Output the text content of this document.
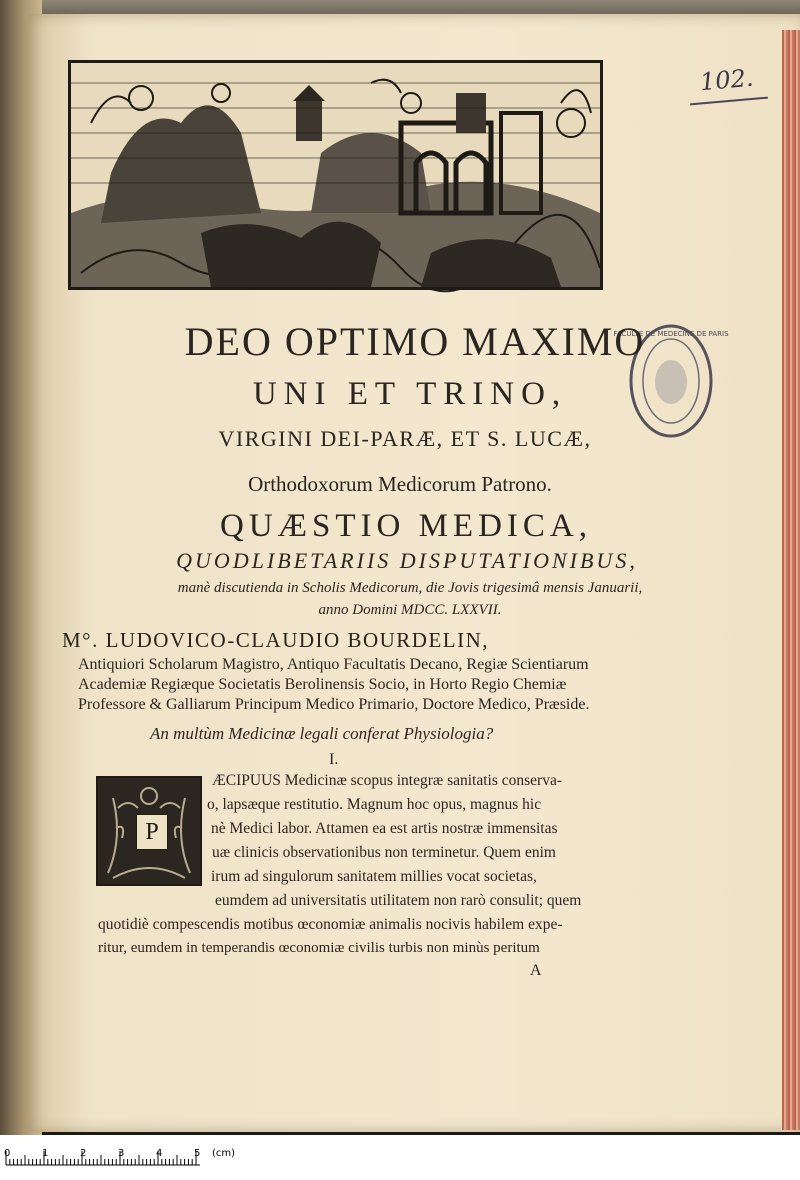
102.
FACULTE DE MEDECINE DE PARIS
DEO OPTIMO MAXIMO
UNI ET TRINO,
VIRGINI DEI-PARÆ, ET S. LUCÆ,
Orthodoxorum Medicorum Patrono.
QUÆSTIO MEDICA,
QUODLIBETARIIS DISPUTATIONIBUS,
manè discutienda in Scholis Medicorum, die Jovis trigesimâ mensis Januarii,
anno Domini MDCC. LXXVII.
M°. LUDOVICO-CLAUDIO BOURDELIN,
Antiquiori Scholarum Magistro, Antiquo Facultatis Decano, Regiæ Scientiarum
Academiæ Regiæque Societatis Berolinensis Socio, in Horto Regio Chemiæ
Professore & Galliarum Principum Medico Primario, Doctore Medico, Præside.
An multùm Medicinæ legali conferat Physiologia?
I.
P
ÆCIPUUS Medicinæ scopus integræ sanitatis conserva-
o, lapsæque restitutio. Magnum hoc opus, magnus hic
nè Medici labor. Attamen ea est artis nostræ immensitas
uæ clinicis observationibus non terminetur. Quem enim
irum ad singulorum sanitatem millies vocat societas,
eumdem ad universitatis utilitatem non rarò consulit; quem
quotidiè compescendis motibus œconomiæ animalis nocivis habilem expe-
ritur, eumdem in temperandis œconomiæ civilis turbis non minùs peritum
A
0	1	2	3	4	5 (cm)
